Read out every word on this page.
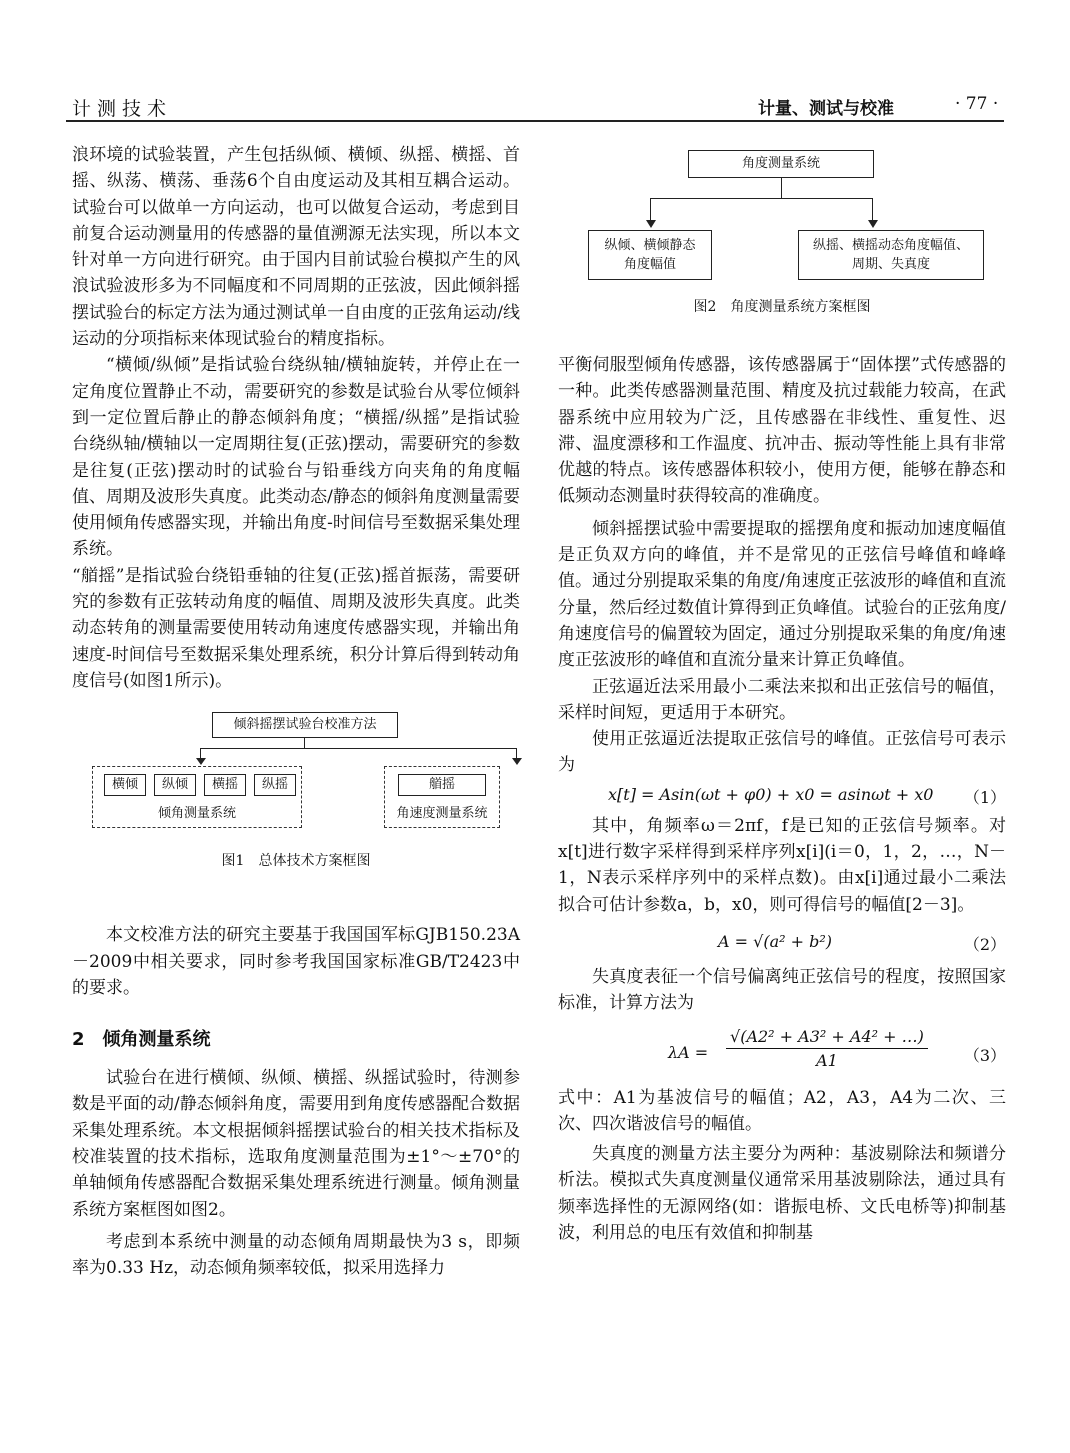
计测技术	计量、测试与校准	· 77 ·

浪环境的试验装置，产生包括纵倾、横倾、纵摇、横摇、首摇、纵荡、横荡、垂荡6个自由度运动及其相互耦合运动。试验台可以做单一方向运动，也可以做复合运动，考虑到目前复合运动测量用的传感器的量值溯源无法实现，所以本文针对单一方向进行研究。由于国内目前试验台模拟产生的风浪试验波形多为不同幅度和不同周期的正弦波，因此倾斜摇摆试验台的标定方法为通过测试单一自由度的正弦角运动/线运动的分项指标来体现试验台的精度指标。

“横倾/纵倾”是指试验台绕纵轴/横轴旋转，并停止在一定角度位置静止不动，需要研究的参数是试验台从零位倾斜到一定位置后静止的静态倾斜角度；“横摇/纵摇”是指试验台绕纵轴/横轴以一定周期往复(正弦)摆动，需要研究的参数是往复(正弦)摆动时的试验台与铅垂线方向夹角的角度幅值、周期及波形失真度。此类动态/静态的倾斜角度测量需要使用倾角传感器实现，并输出角度-时间信号至数据采集处理系统。

“艏摇”是指试验台绕铅垂轴的往复(正弦)摇首振荡，需要研究的参数有正弦转动角度的幅值、周期及波形失真度。此类动态转角的测量需要使用转动角速度传感器实现，并输出角速度-时间信号至数据采集处理系统，积分计算后得到转动角度信号(如图1所示)。

倾斜摇摆试验台校准方法
横倾	纵倾	横摇	纵摇
倾角测量系统
艏摇
角速度测量系统
图1　总体技术方案框图

本文校准方法的研究主要基于我国国军标GJB150.23A－2009中相关要求，同时参考我国国家标准GB/T2423中的要求。

2　倾角测量系统

试验台在进行横倾、纵倾、横摇、纵摇试验时，待测参数是平面的动/静态倾斜角度，需要用到角度传感器配合数据采集处理系统。本文根据倾斜摇摆试验台的相关技术指标及校准装置的技术指标，选取角度测量范围为±1°～±70°的单轴倾角传感器配合数据采集处理系统进行测量。倾角测量系统方案框图如图2。

考虑到本系统中测量的动态倾角周期最快为3 s，即频率为0.33 Hz，动态倾角频率较低，拟采用选择力

角度测量系统
纵倾、横倾静态
角度幅值
纵摇、横摇动态角度幅值、
周期、失真度
图2　角度测量系统方案框图

平衡伺服型倾角传感器，该传感器属于“固体摆”式传感器的一种。此类传感器测量范围、精度及抗过载能力较高，在武器系统中应用较为广泛，且传感器在非线性、重复性、迟滞、温度漂移和工作温度、抗冲击、振动等性能上具有非常优越的特点。该传感器体积较小，使用方便，能够在静态和低频动态测量时获得较高的准确度。

倾斜摇摆试验中需要提取的摇摆角度和振动加速度幅值是正负双方向的峰值，并不是常见的正弦信号峰值和峰峰值。通过分别提取采集的角度/角速度正弦波形的峰值和直流分量，然后经过数值计算得到正负峰值。试验台的正弦角度/角速度信号的偏置较为固定，通过分别提取采集的角度/角速度正弦波形的峰值和直流分量来计算正负峰值。

正弦逼近法采用最小二乘法来拟和出正弦信号的幅值，采样时间短，更适用于本研究。

使用正弦逼近法提取正弦信号的峰值。正弦信号可表示为

x[t] = Asin(ωt + φ0) + x0 = asinωt + x0 （1）

其中，角频率ω＝2πf，f是已知的正弦信号频率。对x[t]进行数字采样得到采样序列x[i](i＝0，1，2，…，N－1，N表示采样序列中的采样点数)。由x[i]通过最小二乘法拟合可估计参数a，b，x0，则可得信号的幅值[2－3]。

A = √(a² + b²)	（2）

失真度表征一个信号偏离纯正弦信号的程度，按照国家标准，计算方法为

$\lambda A = \frac{\text{√(A2² + A3² + A4² + …)}}{A1} (3)$

式中：A1为基波信号的幅值；A2，A3，A4为二次、三次、四次谐波信号的幅值。

失真度的测量方法主要分为两种：基波剔除法和频谱分析法。模拟式失真度测量仪通常采用基波剔除法，通过具有频率选择性的无源网络(如：谐振电桥、文氏电桥等)抑制基波，利用总的电压有效值和抑制基
